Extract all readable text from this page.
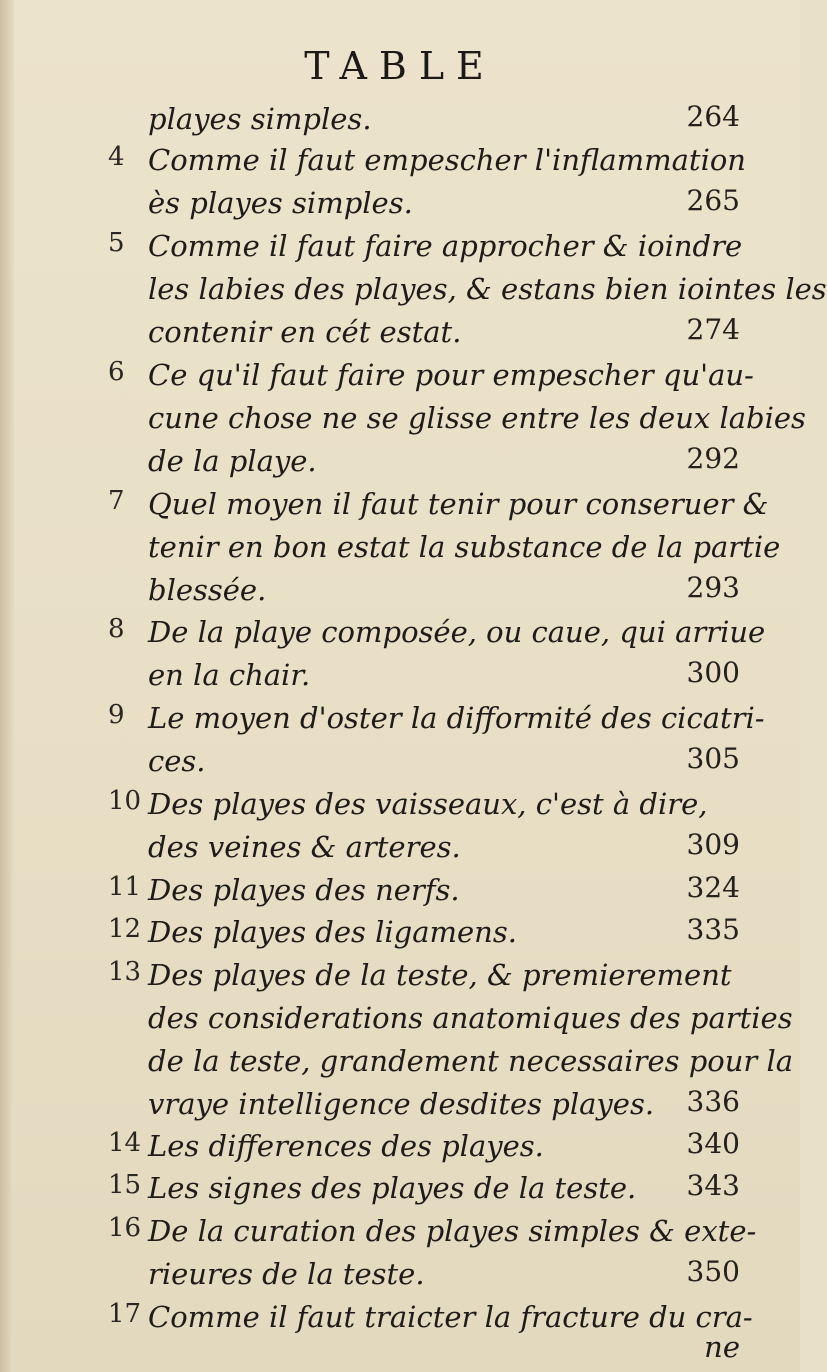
TABLE
playes simples.	264
4 Comme il faut empescher l'inflammation
ès playes simples.	265
5 Comme il faut faire approcher & ioindre
les labies des playes, & estans bien iointes les
contenir en cét estat.	274
6 Ce qu'il faut faire pour empescher qu'au-
cune chose ne se glisse entre les deux labies
de la playe.	292
7 Quel moyen il faut tenir pour conseruer &
tenir en bon estat la substance de la partie
blessée.	293
8 De la playe composée, ou caue, qui arriue
en la chair.	300
9 Le moyen d'oster la difformité des cicatri-
ces.	305
10 Des playes des vaisseaux, c'est à dire,
des veines & arteres.	309
11 Des playes des nerfs.	324
12 Des playes des ligamens.	335
13 Des playes de la teste, & premierement
des considerations anatomiques des parties
de la teste, grandement necessaires pour la
vraye intelligence desdites playes.	336
14 Les differences des playes.	340
15 Les signes des playes de la teste.	343
16 De la curation des playes simples & exte-
rieures de la teste.	350
17 Comme il faut traicter la fracture du cra-
ne
